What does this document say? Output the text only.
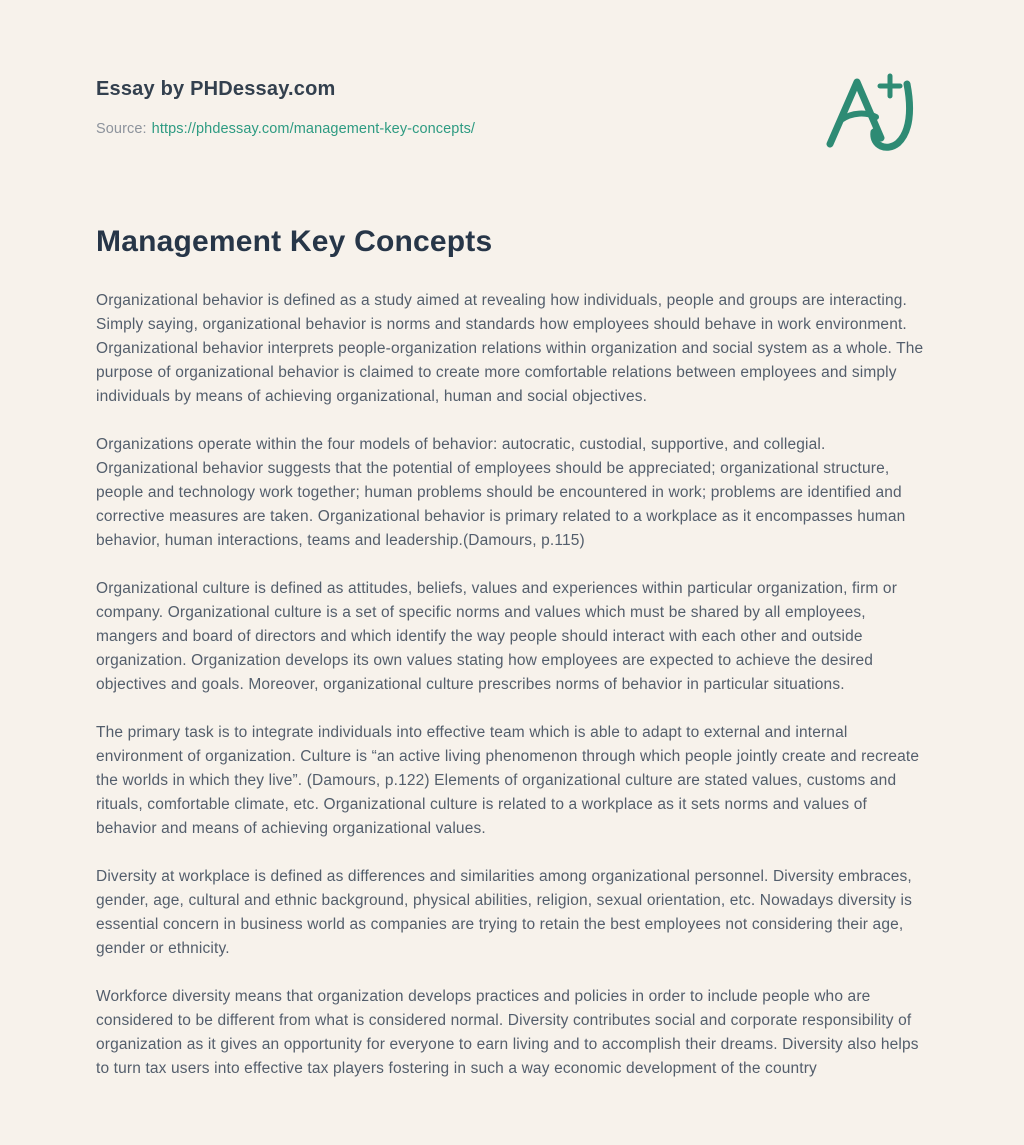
Essay by PHDessay.com
Source: https://phdessay.com/management-key-concepts/
Management Key Concepts

Organizational behavior is defined as a study aimed at revealing how individuals, people and groups are interacting. Simply saying, organizational behavior is norms and standards how employees should behave in work environment. Organizational behavior interprets people-organization relations within organization and social system as a whole. The purpose of organizational behavior is claimed to create more comfortable relations between employees and simply individuals by means of achieving organizational, human and social objectives.

Organizations operate within the four models of behavior: autocratic, custodial, supportive, and collegial. Organizational behavior suggests that the potential of employees should be appreciated; organizational structure, people and technology work together; human problems should be encountered in work; problems are identified and corrective measures are taken. Organizational behavior is primary related to a workplace as it encompasses human behavior, human interactions, teams and leadership.(Damours, p.115)

Organizational culture is defined as attitudes, beliefs, values and experiences within particular organization, firm or company. Organizational culture is a set of specific norms and values which must be shared by all employees, mangers and board of directors and which identify the way people should interact with each other and outside organization. Organization develops its own values stating how employees are expected to achieve the desired objectives and goals. Moreover, organizational culture prescribes norms of behavior in particular situations.

The primary task is to integrate individuals into effective team which is able to adapt to external and internal environment of organization. Culture is “an active living phenomenon through which people jointly create and recreate the worlds in which they live”. (Damours, p.122) Elements of organizational culture are stated values, customs and rituals, comfortable climate, etc. Organizational culture is related to a workplace as it sets norms and values of behavior and means of achieving organizational values.

Diversity at workplace is defined as differences and similarities among organizational personnel. Diversity embraces, gender, age, cultural and ethnic background, physical abilities, religion, sexual orientation, etc. Nowadays diversity is essential concern in business world as companies are trying to retain the best employees not considering their age, gender or ethnicity.

Workforce diversity means that organization develops practices and policies in order to include people who are considered to be different from what is considered normal. Diversity contributes social and corporate responsibility of organization as it gives an opportunity for everyone to earn living and to accomplish their dreams. Diversity also helps to turn tax users into effective tax players fostering in such a way economic development of the country
